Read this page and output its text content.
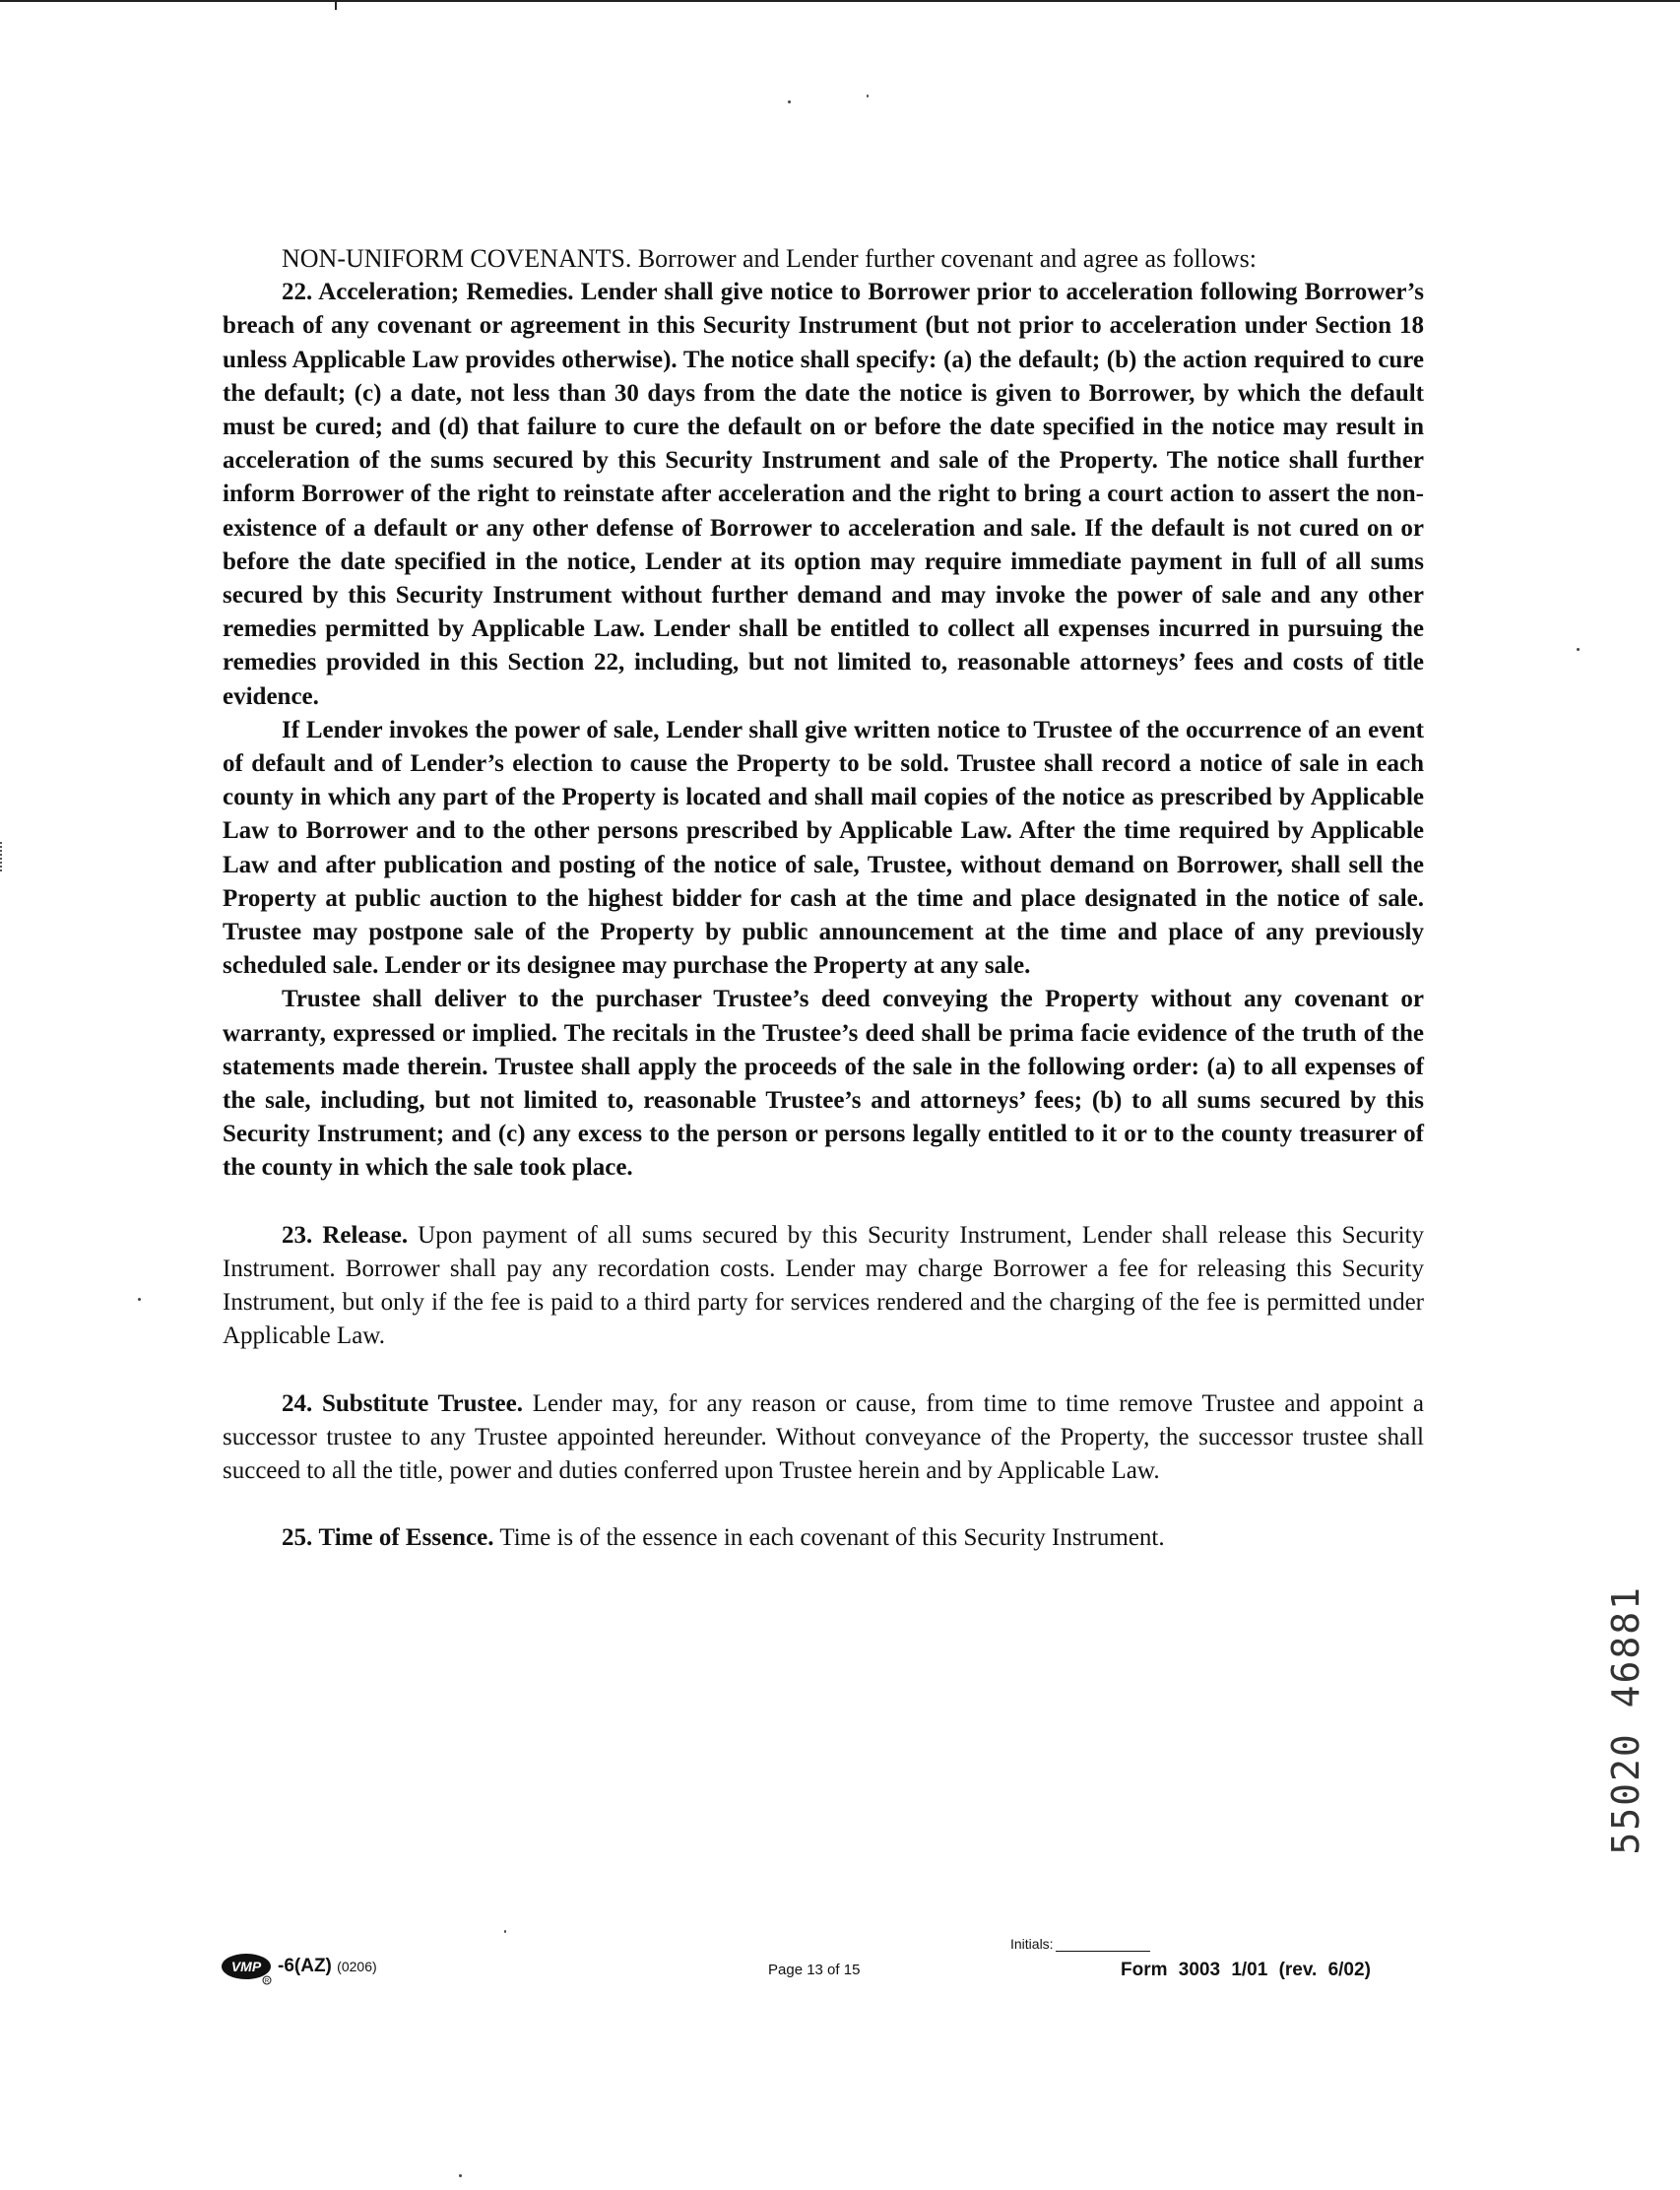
NON-UNIFORM COVENANTS. Borrower and Lender further covenant and agree as follows:

22. Acceleration; Remedies. Lender shall give notice to Borrower prior to acceleration following Borrower’s breach of any covenant or agreement in this Security Instrument (but not prior to acceleration under Section 18 unless Applicable Law provides otherwise). The notice shall specify: (a) the default; (b) the action required to cure the default; (c) a date, not less than 30 days from the date the notice is given to Borrower, by which the default must be cured; and (d) that failure to cure the default on or before the date specified in the notice may result in acceleration of the sums secured by this Security Instrument and sale of the Property. The notice shall further inform Borrower of the right to reinstate after acceleration and the right to bring a court action to assert the non-existence of a default or any other defense of Borrower to acceleration and sale. If the default is not cured on or before the date specified in the notice, Lender at its option may require immediate payment in full of all sums secured by this Security Instrument without further demand and may invoke the power of sale and any other remedies permitted by Applicable Law. Lender shall be entitled to collect all expenses incurred in pursuing the remedies provided in this Section 22, including, but not limited to, reasonable attorneys’ fees and costs of title evidence.

If Lender invokes the power of sale, Lender shall give written notice to Trustee of the occurrence of an event of default and of Lender’s election to cause the Property to be sold. Trustee shall record a notice of sale in each county in which any part of the Property is located and shall mail copies of the notice as prescribed by Applicable Law to Borrower and to the other persons prescribed by Applicable Law. After the time required by Applicable Law and after publication and posting of the notice of sale, Trustee, without demand on Borrower, shall sell the Property at public auction to the highest bidder for cash at the time and place designated in the notice of sale. Trustee may postpone sale of the Property by public announcement at the time and place of any previously scheduled sale. Lender or its designee may purchase the Property at any sale.

Trustee shall deliver to the purchaser Trustee’s deed conveying the Property without any covenant or warranty, expressed or implied. The recitals in the Trustee’s deed shall be prima facie evidence of the truth of the statements made therein. Trustee shall apply the proceeds of the sale in the following order: (a) to all expenses of the sale, including, but not limited to, reasonable Trustee’s and attorneys’ fees; (b) to all sums secured by this Security Instrument; and (c) any excess to the person or persons legally entitled to it or to the county treasurer of the county in which the sale took place.

23. Release. Upon payment of all sums secured by this Security Instrument, Lender shall release this Security Instrument. Borrower shall pay any recordation costs. Lender may charge Borrower a fee for releasing this Security Instrument, but only if the fee is paid to a third party for services rendered and the charging of the fee is permitted under Applicable Law.

24. Substitute Trustee. Lender may, for any reason or cause, from time to time remove Trustee and appoint a successor trustee to any Trustee appointed hereunder. Without conveyance of the Property, the successor trustee shall succeed to all the title, power and duties conferred upon Trustee herein and by Applicable Law.

25. Time of Essence. Time is of the essence in each covenant of this Security Instrument.

55020 46881
VMP
R
-6(AZ) (0206)	Page 13 of 15
Initials:
Form 3003 1/01 (rev. 6/02)
